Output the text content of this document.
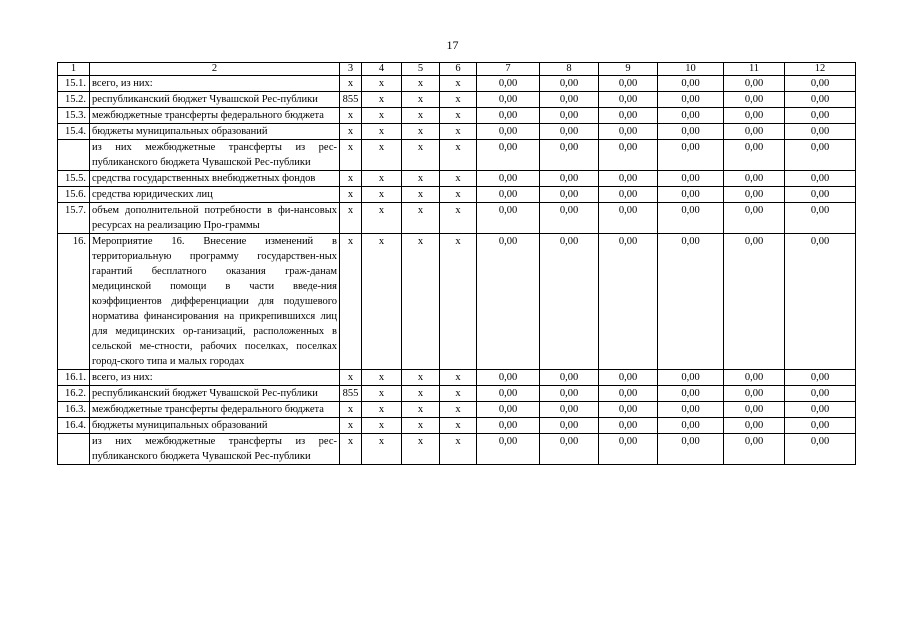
17
1	2	3	4	5	6	7	8	9	10	11	12
15.1.	всего, из них:	x	x	x	x	0,00	0,00	0,00	0,00	0,00	0,00
15.2.	республиканский бюджет Чувашской Рес-публики	855	x	x	x	0,00	0,00	0,00	0,00	0,00	0,00
15.3.	межбюджетные трансферты федерального бюджета	x	x	x	x	0,00	0,00	0,00	0,00	0,00	0,00
15.4.	бюджеты муниципальных образований	x	x	x	x	0,00	0,00	0,00	0,00	0,00	0,00
	из них межбюджетные трансферты из рес-публиканского бюджета Чувашской Рес-публики	x	x	x	x	0,00	0,00	0,00	0,00	0,00	0,00
15.5.	средства государственных внебюджетных фондов	x	x	x	x	0,00	0,00	0,00	0,00	0,00	0,00
15.6.	средства юридических лиц	x	x	x	x	0,00	0,00	0,00	0,00	0,00	0,00
15.7.	объем дополнительной потребности в фи-нансовых ресурсах на реализацию Про-граммы	x	x	x	x	0,00	0,00	0,00	0,00	0,00	0,00
16.	Мероприятие 16. Внесение изменений в территориальную программу государствен-ных гарантий бесплатного оказания граж-данам медицинской помощи в части введе-ния коэффициентов дифференциации для подушевого норматива финансирования на прикрепившихся лиц для медицинских ор-ганизаций, расположенных в сельской ме-стности, рабочих поселках, поселках город-ского типа и малых городах	x	x	x	x	0,00	0,00	0,00	0,00	0,00	0,00
16.1.	всего, из них:	x	x	x	x	0,00	0,00	0,00	0,00	0,00	0,00
16.2.	республиканский бюджет Чувашской Рес-публики	855	x	x	x	0,00	0,00	0,00	0,00	0,00	0,00
16.3.	межбюджетные трансферты федерального бюджета	x	x	x	x	0,00	0,00	0,00	0,00	0,00	0,00
16.4.	бюджеты муниципальных образований	x	x	x	x	0,00	0,00	0,00	0,00	0,00	0,00
	из них межбюджетные трансферты из рес-публиканского бюджета Чувашской Рес-публики	x	x	x	x	0,00	0,00	0,00	0,00	0,00	0,00
